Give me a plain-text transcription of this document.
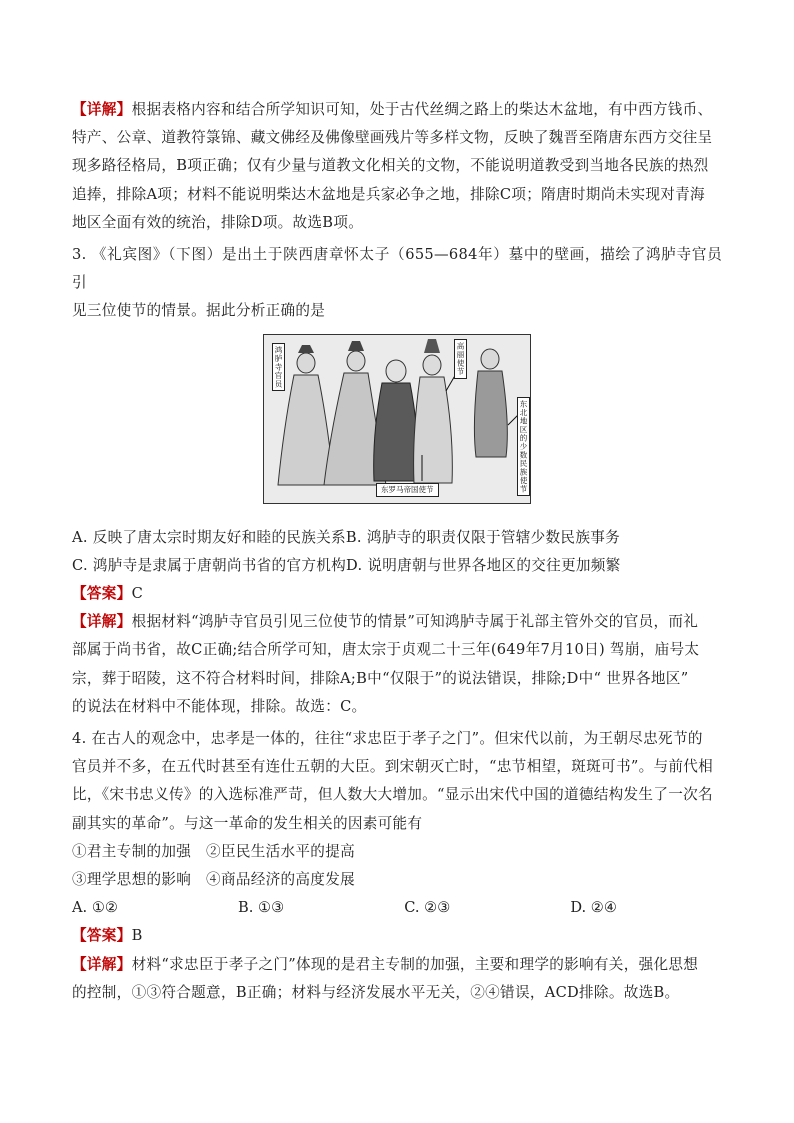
【详解】根据表格内容和结合所学知识可知，处于古代丝绸之路上的柴达木盆地，有中西方钱币、

特产、公章、道教符箓锦、藏文佛经及佛像壁画残片等多样文物，反映了魏晋至隋唐东西方交往呈

现多路径格局，B项正确；仅有少量与道教文化相关的文物，不能说明道教受到当地各民族的热烈

追捧，排除A项；材料不能说明柴达木盆地是兵家必争之地，排除C项；隋唐时期尚未实现对青海

地区全面有效的统治，排除D项。故选B项。

3. 《礼宾图》（下图）是出土于陕西唐章怀太子（655—684年）墓中的壁画，描绘了鸿胪寺官员引

见三位使节的情景。据此分析正确的是

鸿胪寺官员	高丽使节
东北地区的少数民族使节
东罗马帝国使节

A. 反映了唐太宗时期友好和睦的民族关系B. 鸿胪寺的职责仅限于管辖少数民族事务

C. 鸿胪寺是隶属于唐朝尚书省的官方机构D. 说明唐朝与世界各地区的交往更加频繁

【答案】C

【详解】根据材料“鸿胪寺官员引见三位使节的情景”可知鸿胪寺属于礼部主管外交的官员，而礼

部属于尚书省，故C正确;结合所学可知，唐太宗于贞观二十三年(649年7月10日) 驾崩，庙号太

宗，葬于昭陵，这不符合材料时间，排除A;B中“仅限于”的说法错误，排除;D中“ 世界各地区”

的说法在材料中不能体现，排除。故选：C。

4. 在古人的观念中，忠孝是一体的，往往“求忠臣于孝子之门”。但宋代以前，为王朝尽忠死节的

官员并不多，在五代时甚至有连仕五朝的大臣。到宋朝灭亡时，“忠节相望，斑斑可书”。与前代相

比，《宋书忠义传》的入选标准严苛，但人数大大增加。“显示出宋代中国的道德结构发生了一次名

副其实的革命”。与这一革命的发生相关的因素可能有

①君主专制的加强　②臣民生活水平的提高

③理学思想的影响　④商品经济的高度发展

A. ①②	B. ①③	C. ②③	D. ②④

【答案】B

【详解】材料“求忠臣于孝子之门”体现的是君主专制的加强，主要和理学的影响有关，强化思想

的控制，①③符合题意，B正确；材料与经济发展水平无关，②④错误，ACD排除。故选B。
